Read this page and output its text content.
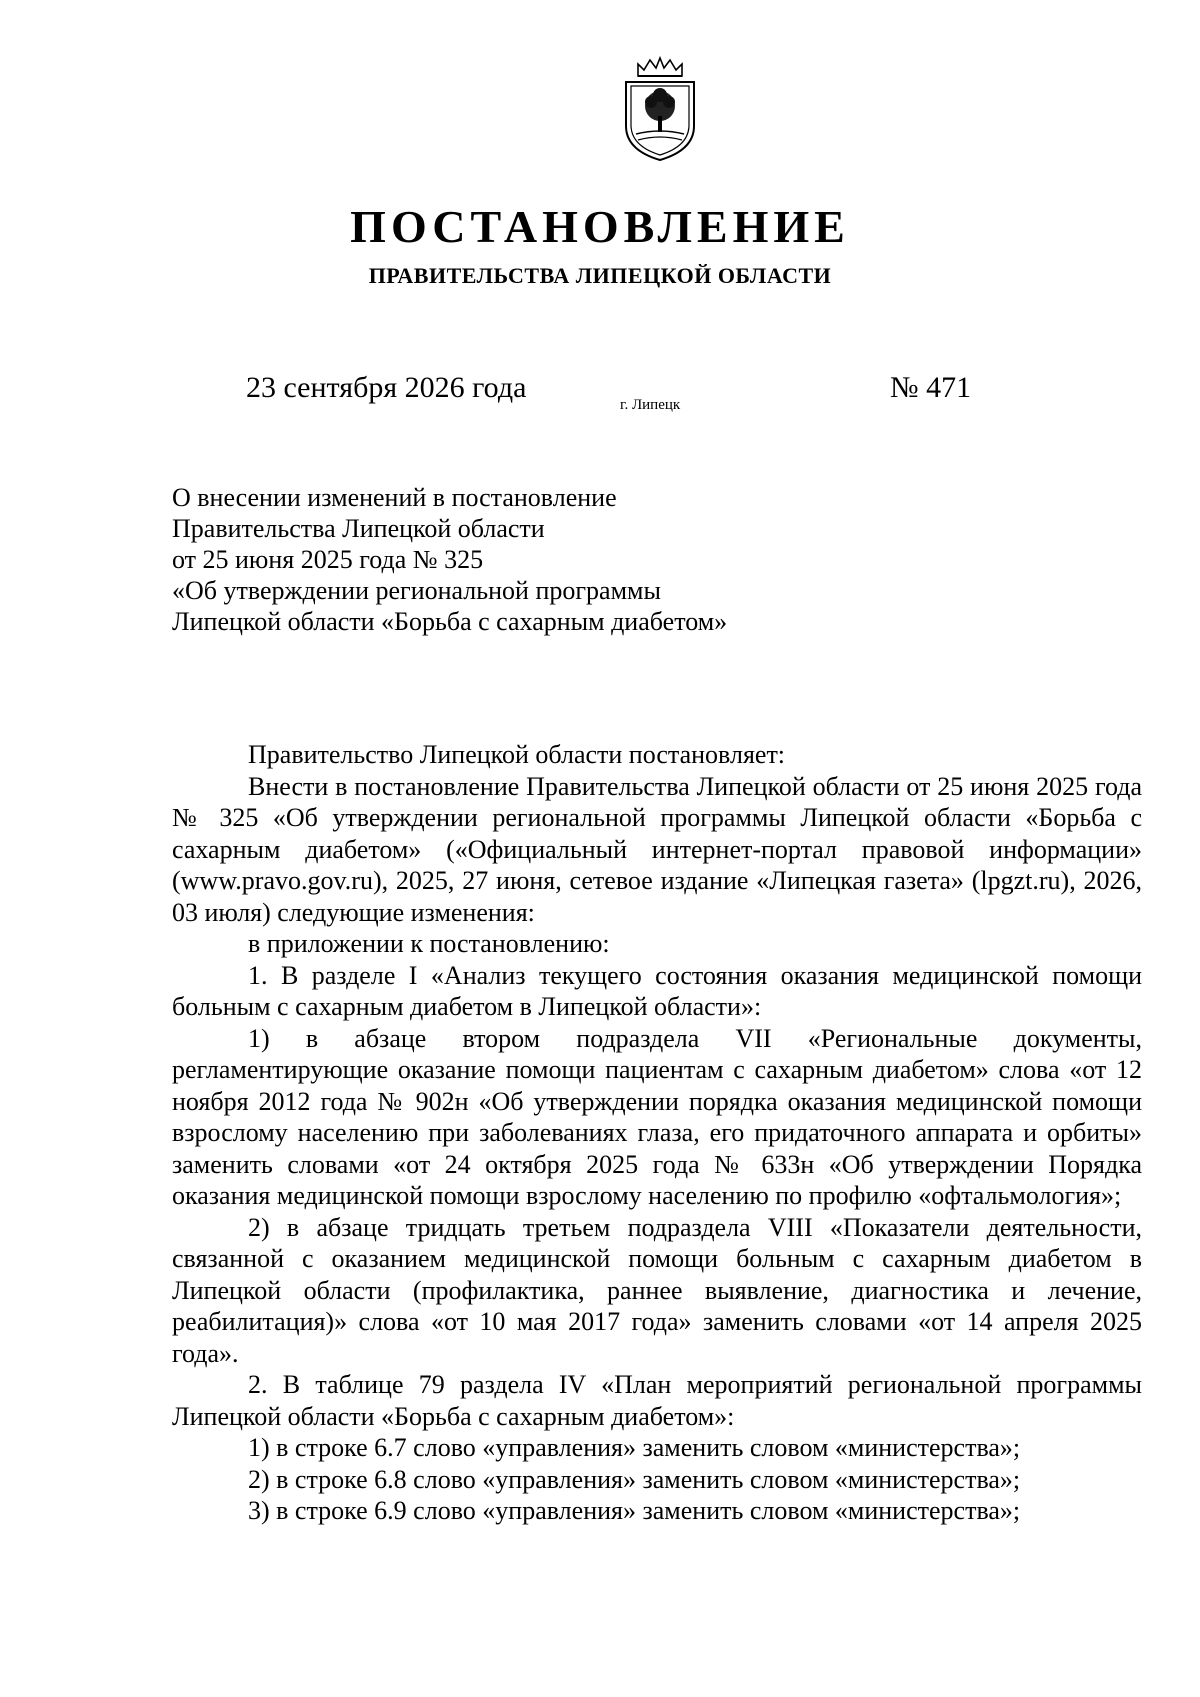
ПОСТАНОВЛЕНИЕ
ПРАВИТЕЛЬСТВА ЛИПЕЦКОЙ ОБЛАСТИ
23 сентября 2026 года
г. Липецк
№ 471
О внесении изменений в постановление
Правительства Липецкой области
от 25 июня 2025 года № 325
«Об утверждении региональной программы
Липецкой области «Борьба с сахарным диабетом»

Правительство Липецкой области постановляет:

Внести в постановление Правительства Липецкой области от 25 июня 2025 года № 325 «Об утверждении региональной программы Липецкой области «Борьба с сахарным диабетом» («Официальный интернет-портал правовой информации» (www.pravo.gov.ru), 2025, 27 июня, сетевое издание «Липецкая газета» (lpgzt.ru), 2026, 03 июля) следующие изменения:

в приложении к постановлению:

1. В разделе I «Анализ текущего состояния оказания медицинской помощи больным с сахарным диабетом в Липецкой области»:

1) в абзаце втором подраздела VII «Региональные документы, регламентирующие оказание помощи пациентам с сахарным диабетом» слова «от 12 ноября 2012 года № 902н «Об утверждении порядка оказания медицинской помощи взрослому населению при заболеваниях глаза, его придаточного аппарата и орбиты» заменить словами «от 24 октября 2025 года № 633н «Об утверждении Порядка оказания медицинской помощи взрослому населению по профилю «офтальмология»;

2) в абзаце тридцать третьем подраздела VIII «Показатели деятельности, связанной с оказанием медицинской помощи больным с сахарным диабетом в Липецкой области (профилактика, раннее выявление, диагностика и лечение, реабилитация)» слова «от 10 мая 2017 года» заменить словами «от 14 апреля 2025 года».

2. В таблице 79 раздела IV «План мероприятий региональной программы Липецкой области «Борьба с сахарным диабетом»:

1) в строке 6.7 слово «управления» заменить словом «министерства»;

2) в строке 6.8 слово «управления» заменить словом «министерства»;

3) в строке 6.9 слово «управления» заменить словом «министерства»;
